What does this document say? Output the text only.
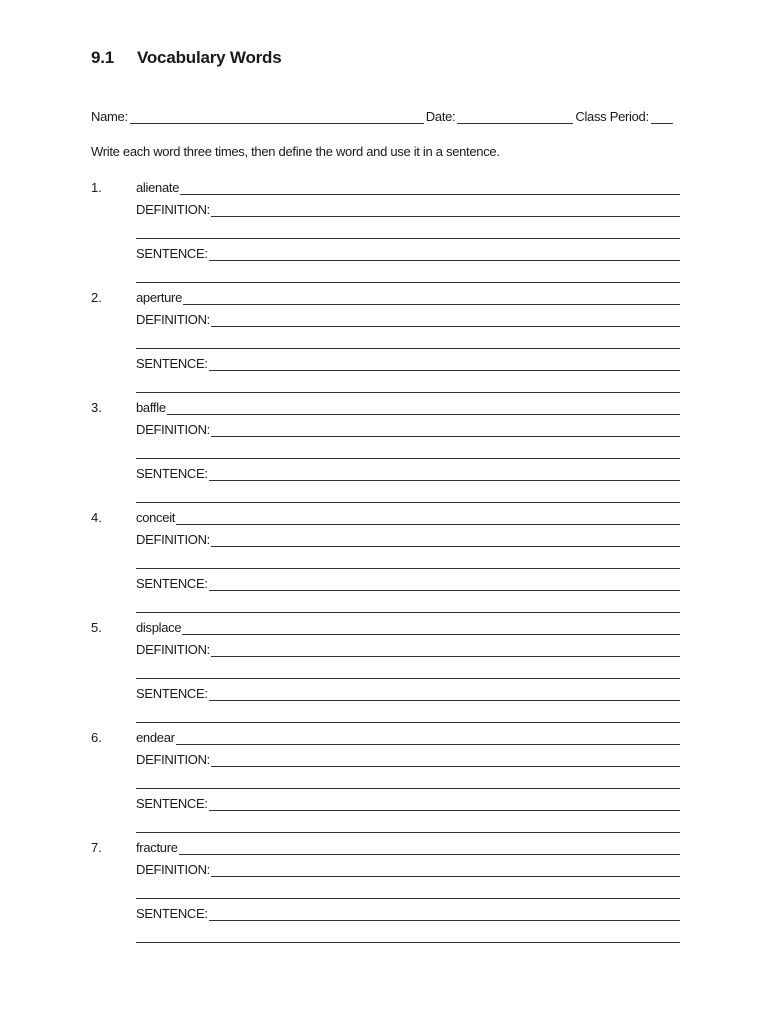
9.1 Vocabulary Words
Name:	Date:	Class Period:
Write each word three times, then define the word and use it in a sentence.
1.	alienate
DEFINITION:
SENTENCE:
2.	aperture
DEFINITION:
SENTENCE:
3.	baffle
DEFINITION:
SENTENCE:
4.	conceit
DEFINITION:
SENTENCE:
5.	displace
DEFINITION:
SENTENCE:
6.	endear
DEFINITION:
SENTENCE:
7.	fracture
DEFINITION:
SENTENCE:
